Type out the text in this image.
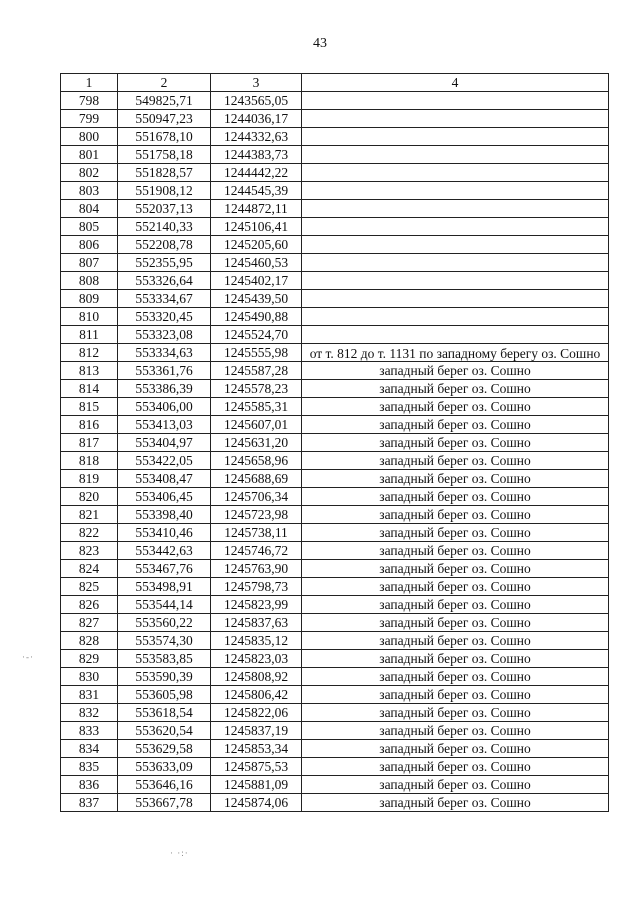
43
1	2	3	4
798	549825,71	1243565,05	
799	550947,23	1244036,17	
800	551678,10	1244332,63	
801	551758,18	1244383,73	
802	551828,57	1244442,22	
803	551908,12	1244545,39	
804	552037,13	1244872,11	
805	552140,33	1245106,41	
806	552208,78	1245205,60	
807	552355,95	1245460,53	
808	553326,64	1245402,17	
809	553334,67	1245439,50	
810	553320,45	1245490,88	
811	553323,08	1245524,70	
812	553334,63	1245555,98	от т. 812 до т. 1131 по западному берегу оз. Сошно
813	553361,76	1245587,28	западный берег оз. Сошно
814	553386,39	1245578,23	западный берег оз. Сошно
815	553406,00	1245585,31	западный берег оз. Сошно
816	553413,03	1245607,01	западный берег оз. Сошно
817	553404,97	1245631,20	западный берег оз. Сошно
818	553422,05	1245658,96	западный берег оз. Сошно
819	553408,47	1245688,69	западный берег оз. Сошно
820	553406,45	1245706,34	западный берег оз. Сошно
821	553398,40	1245723,98	западный берег оз. Сошно
822	553410,46	1245738,11	западный берег оз. Сошно
823	553442,63	1245746,72	западный берег оз. Сошно
824	553467,76	1245763,90	западный берег оз. Сошно
825	553498,91	1245798,73	западный берег оз. Сошно
826	553544,14	1245823,99	западный берег оз. Сошно
827	553560,22	1245837,63	западный берег оз. Сошно
828	553574,30	1245835,12	западный берег оз. Сошно
829	553583,85	1245823,03	западный берег оз. Сошно
830	553590,39	1245808,92	западный берег оз. Сошно
831	553605,98	1245806,42	западный берег оз. Сошно
832	553618,54	1245822,06	западный берег оз. Сошно
833	553620,54	1245837,19	западный берег оз. Сошно
834	553629,58	1245853,34	западный берег оз. Сошно
835	553633,09	1245875,53	западный берег оз. Сошно
836	553646,16	1245881,09	западный берег оз. Сошно
837	553667,78	1245874,06	западный берег оз. Сошно
·-·
· ·:·
